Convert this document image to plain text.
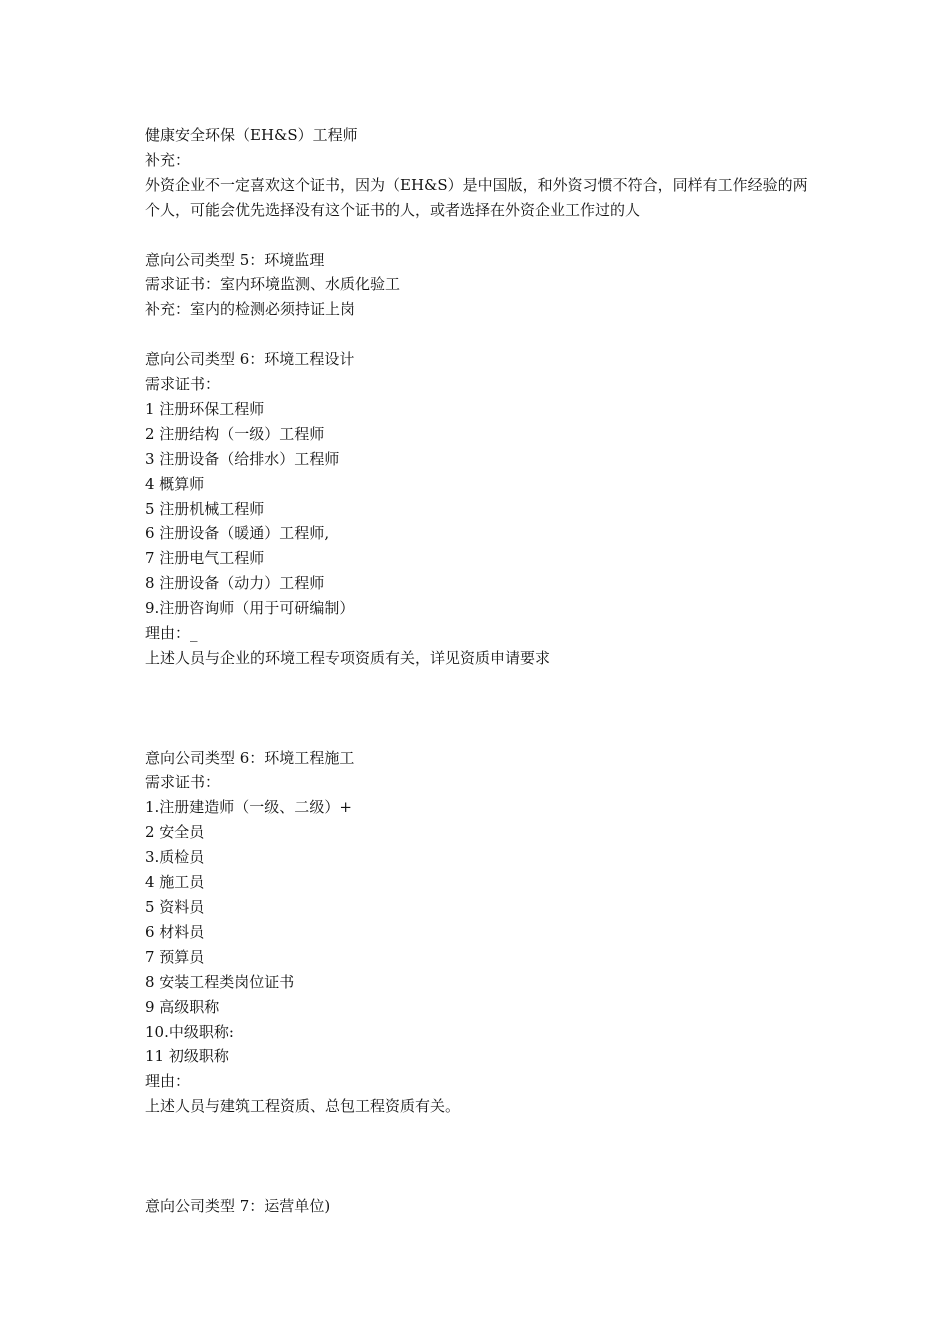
健康安全环保（EH&S）工程师
补充：
外资企业不一定喜欢这个证书，因为（EH&S）是中国版，和外资习惯不符合，同样有工作经验的两个人，可能会优先选择没有这个证书的人，或者选择在外资企业工作过的人
意向公司类型 5：环境监理
需求证书：室内环境监测、水质化验工
补充：室内的检测必须持证上岗
意向公司类型 6：环境工程设计
需求证书：
1 注册环保工程师
2 注册结构（一级）工程师
3 注册设备（给排水）工程师
4 概算师
5 注册机械工程师
6 注册设备（暖通）工程师,
7 注册电气工程师
8 注册设备（动力）工程师
9.注册咨询师（用于可研编制）
理由：_
上述人员与企业的环境工程专项资质有关，详见资质申请要求
意向公司类型 6：环境工程施工
需求证书：
1.注册建造师（一级、二级）+
2 安全员
3.质检员
4 施工员
5 资料员
6 材料员
7 预算员
8 安装工程类岗位证书
9 高级职称
10.中级职称:
11 初级职称
理由：
上述人员与建筑工程资质、总包工程资质有关。
意向公司类型 7：运营单位)
